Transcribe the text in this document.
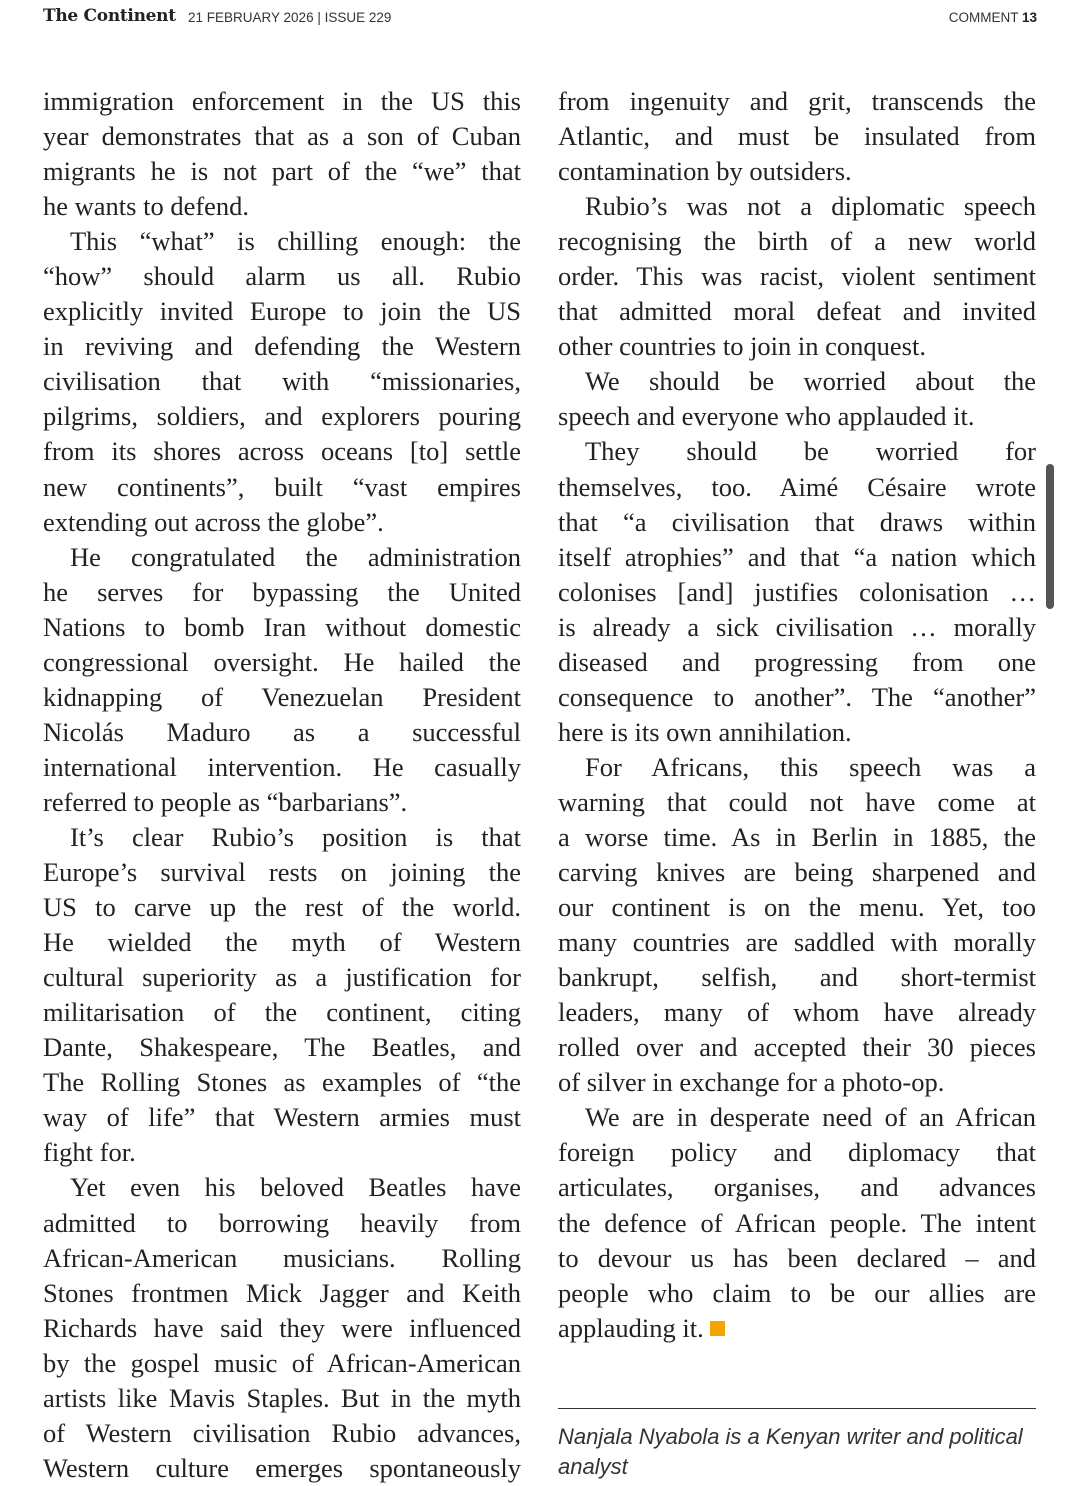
The Continent 21 FEBRUARY 2026 | ISSUE 229	COMMENT 13
immigration enforcement in the US this
year demonstrates that as a son of Cuban
migrants he is not part of the “we” that
he wants to defend.
This “what” is chilling enough: the
“how” should alarm us all. Rubio
explicitly invited Europe to join the US
in reviving and defending the Western
civilisation that with “missionaries,
pilgrims, soldiers, and explorers pouring
from its shores across oceans [to] settle
new continents”, built “vast empires
extending out across the globe”.
He congratulated the administration
he serves for bypassing the United
Nations to bomb Iran without domestic
congressional oversight. He hailed the
kidnapping of Venezuelan President
Nicolás Maduro as a successful
international intervention. He casually
referred to people as “barbarians”.
It’s clear Rubio’s position is that
Europe’s survival rests on joining the
US to carve up the rest of the world.
He wielded the myth of Western
cultural superiority as a justification for
militarisation of the continent, citing
Dante, Shakespeare, The Beatles, and
The Rolling Stones as examples of “the
way of life” that Western armies must
fight for.
Yet even his beloved Beatles have
admitted to borrowing heavily from
African-American musicians. Rolling
Stones frontmen Mick Jagger and Keith
Richards have said they were influenced
by the gospel music of African-American
artists like Mavis Staples. But in the myth
of Western civilisation Rubio advances,
Western culture emerges spontaneously
from ingenuity and grit, transcends the
Atlantic, and must be insulated from
contamination by outsiders.
Rubio’s was not a diplomatic speech
recognising the birth of a new world
order. This was racist, violent sentiment
that admitted moral defeat and invited
other countries to join in conquest.
We should be worried about the
speech and everyone who applauded it.
They should be worried for
themselves, too. Aimé Césaire wrote
that “a civilisation that draws within
itself atrophies” and that “a nation which
colonises [and] justifies colonisation …
is already a sick civilisation … morally
diseased and progressing from one
consequence to another”. The “another”
here is its own annihilation.
For Africans, this speech was a
warning that could not have come at
a worse time. As in Berlin in 1885, the
carving knives are being sharpened and
our continent is on the menu. Yet, too
many countries are saddled with morally
bankrupt, selfish, and short-termist
leaders, many of whom have already
rolled over and accepted their 30 pieces
of silver in exchange for a photo-op.
We are in desperate need of an African
foreign policy and diplomacy that
articulates, organises, and advances
the defence of African people. The intent
to devour us has been declared – and
people who claim to be our allies are
applauding it.
Nanjala Nyabola is a Kenyan writer and political analyst
